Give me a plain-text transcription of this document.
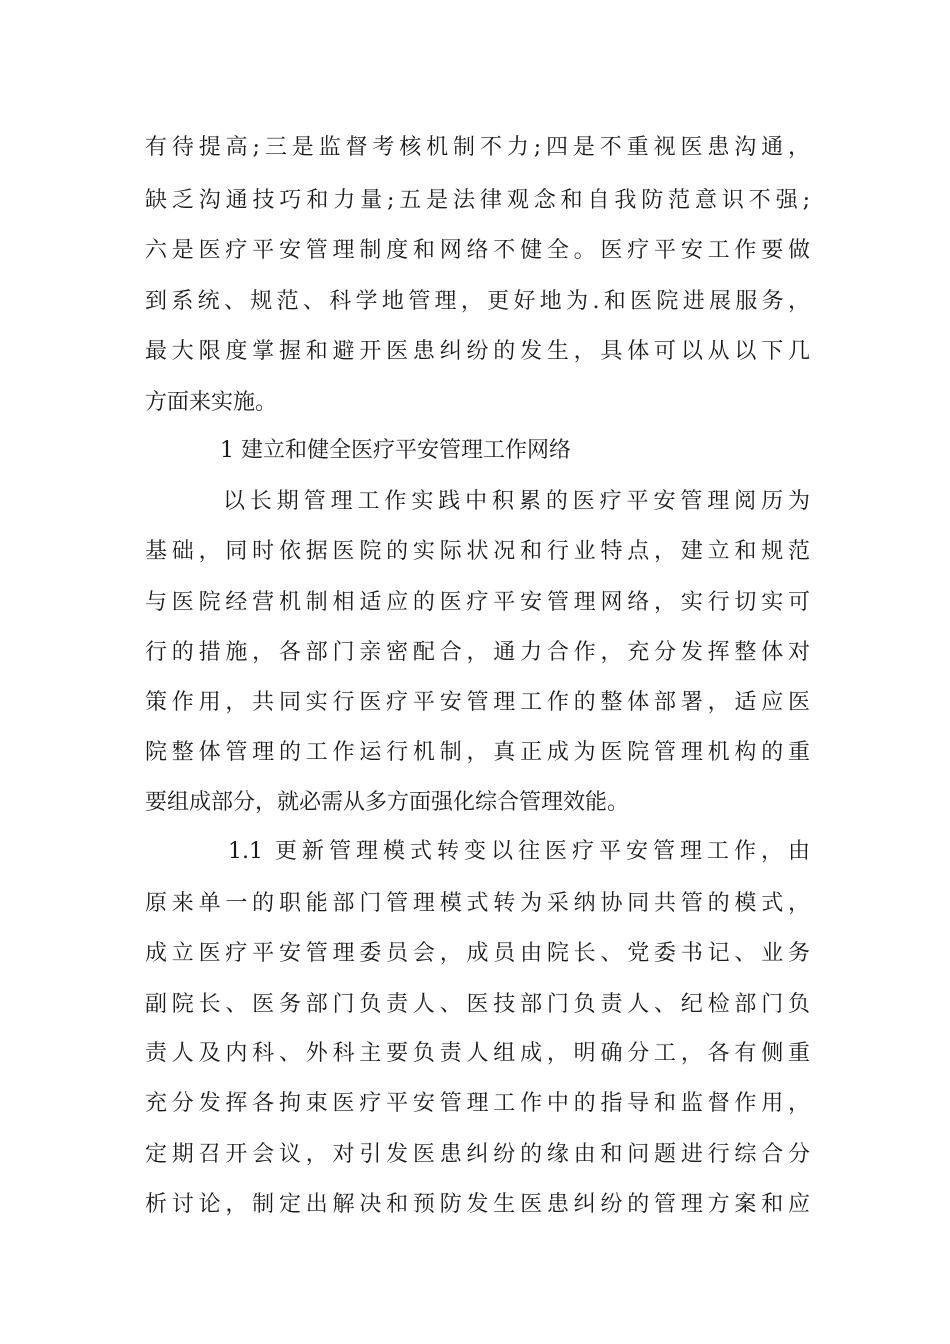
有待提高;三是监督考核机制不力;四是不重视医患沟通，
缺乏沟通技巧和力量;五是法律观念和自我防范意识不强;
六是医疗平安管理制度和网络不健全。医疗平安工作要做
到系统、规范、科学地管理，更好地为.和医院进展服务，
最大限度掌握和避开医患纠纷的发生，具体可以从以下几
方面来实施。
1 建立和健全医疗平安管理工作网络
以长期管理工作实践中积累的医疗平安管理阅历为
基础，同时依据医院的实际状况和行业特点，建立和规范
与医院经营机制相适应的医疗平安管理网络，实行切实可
行的措施，各部门亲密配合，通力合作，充分发挥整体对
策作用，共同实行医疗平安管理工作的整体部署，适应医
院整体管理的工作运行机制，真正成为医院管理机构的重
要组成部分，就必需从多方面强化综合管理效能。
1.1 更新管理模式转变以往医疗平安管理工作，由
原来单一的职能部门管理模式转为采纳协同共管的模式，
成立医疗平安管理委员会，成员由院长、党委书记、业务
副院长、医务部门负责人、医技部门负责人、纪检部门负
责人及内科、外科主要负责人组成，明确分工，各有侧重
充分发挥各拘束医疗平安管理工作中的指导和监督作用，
定期召开会议，对引发医患纠纷的缘由和问题进行综合分
析讨论，制定出解决和预防发生医患纠纷的管理方案和应
